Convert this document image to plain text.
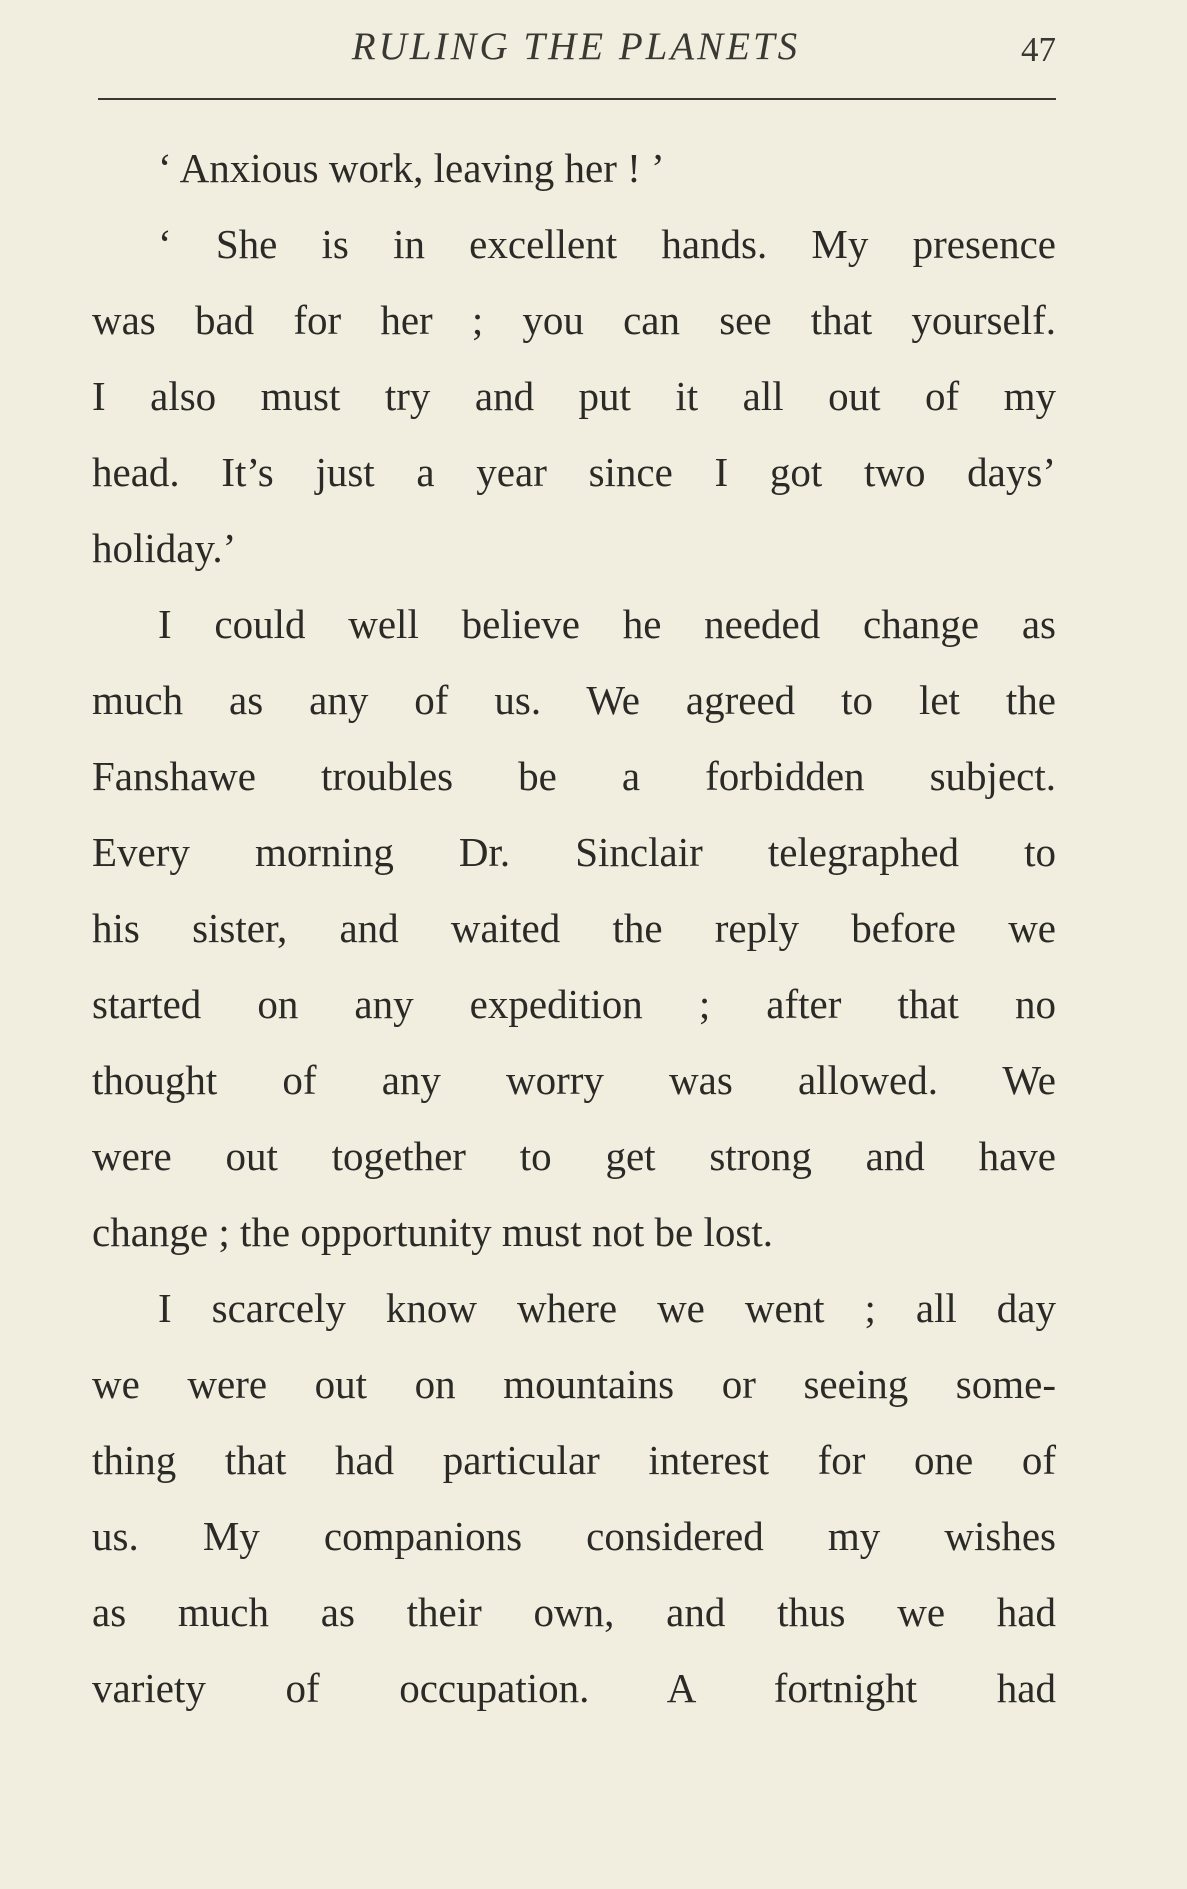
RULING THE PLANETS	47
‘ Anxious work, leaving her ! ’
‘ She is in excellent hands. My presence
was bad for her ; you can see that yourself.
I also must try and put it all out of my
head. It’s just a year since I got two days’
holiday.’
I could well believe he needed change as
much as any of us. We agreed to let the
Fanshawe troubles be a forbidden subject.
Every morning Dr. Sinclair telegraphed to
his sister, and waited the reply before we
started on any expedition ; after that no
thought of any worry was allowed. We
were out together to get strong and have
change ; the opportunity must not be lost.
I scarcely know where we went ; all day
we were out on mountains or seeing some-
thing that had particular interest for one of
us. My companions considered my wishes
as much as their own, and thus we had
variety of occupation. A fortnight had
